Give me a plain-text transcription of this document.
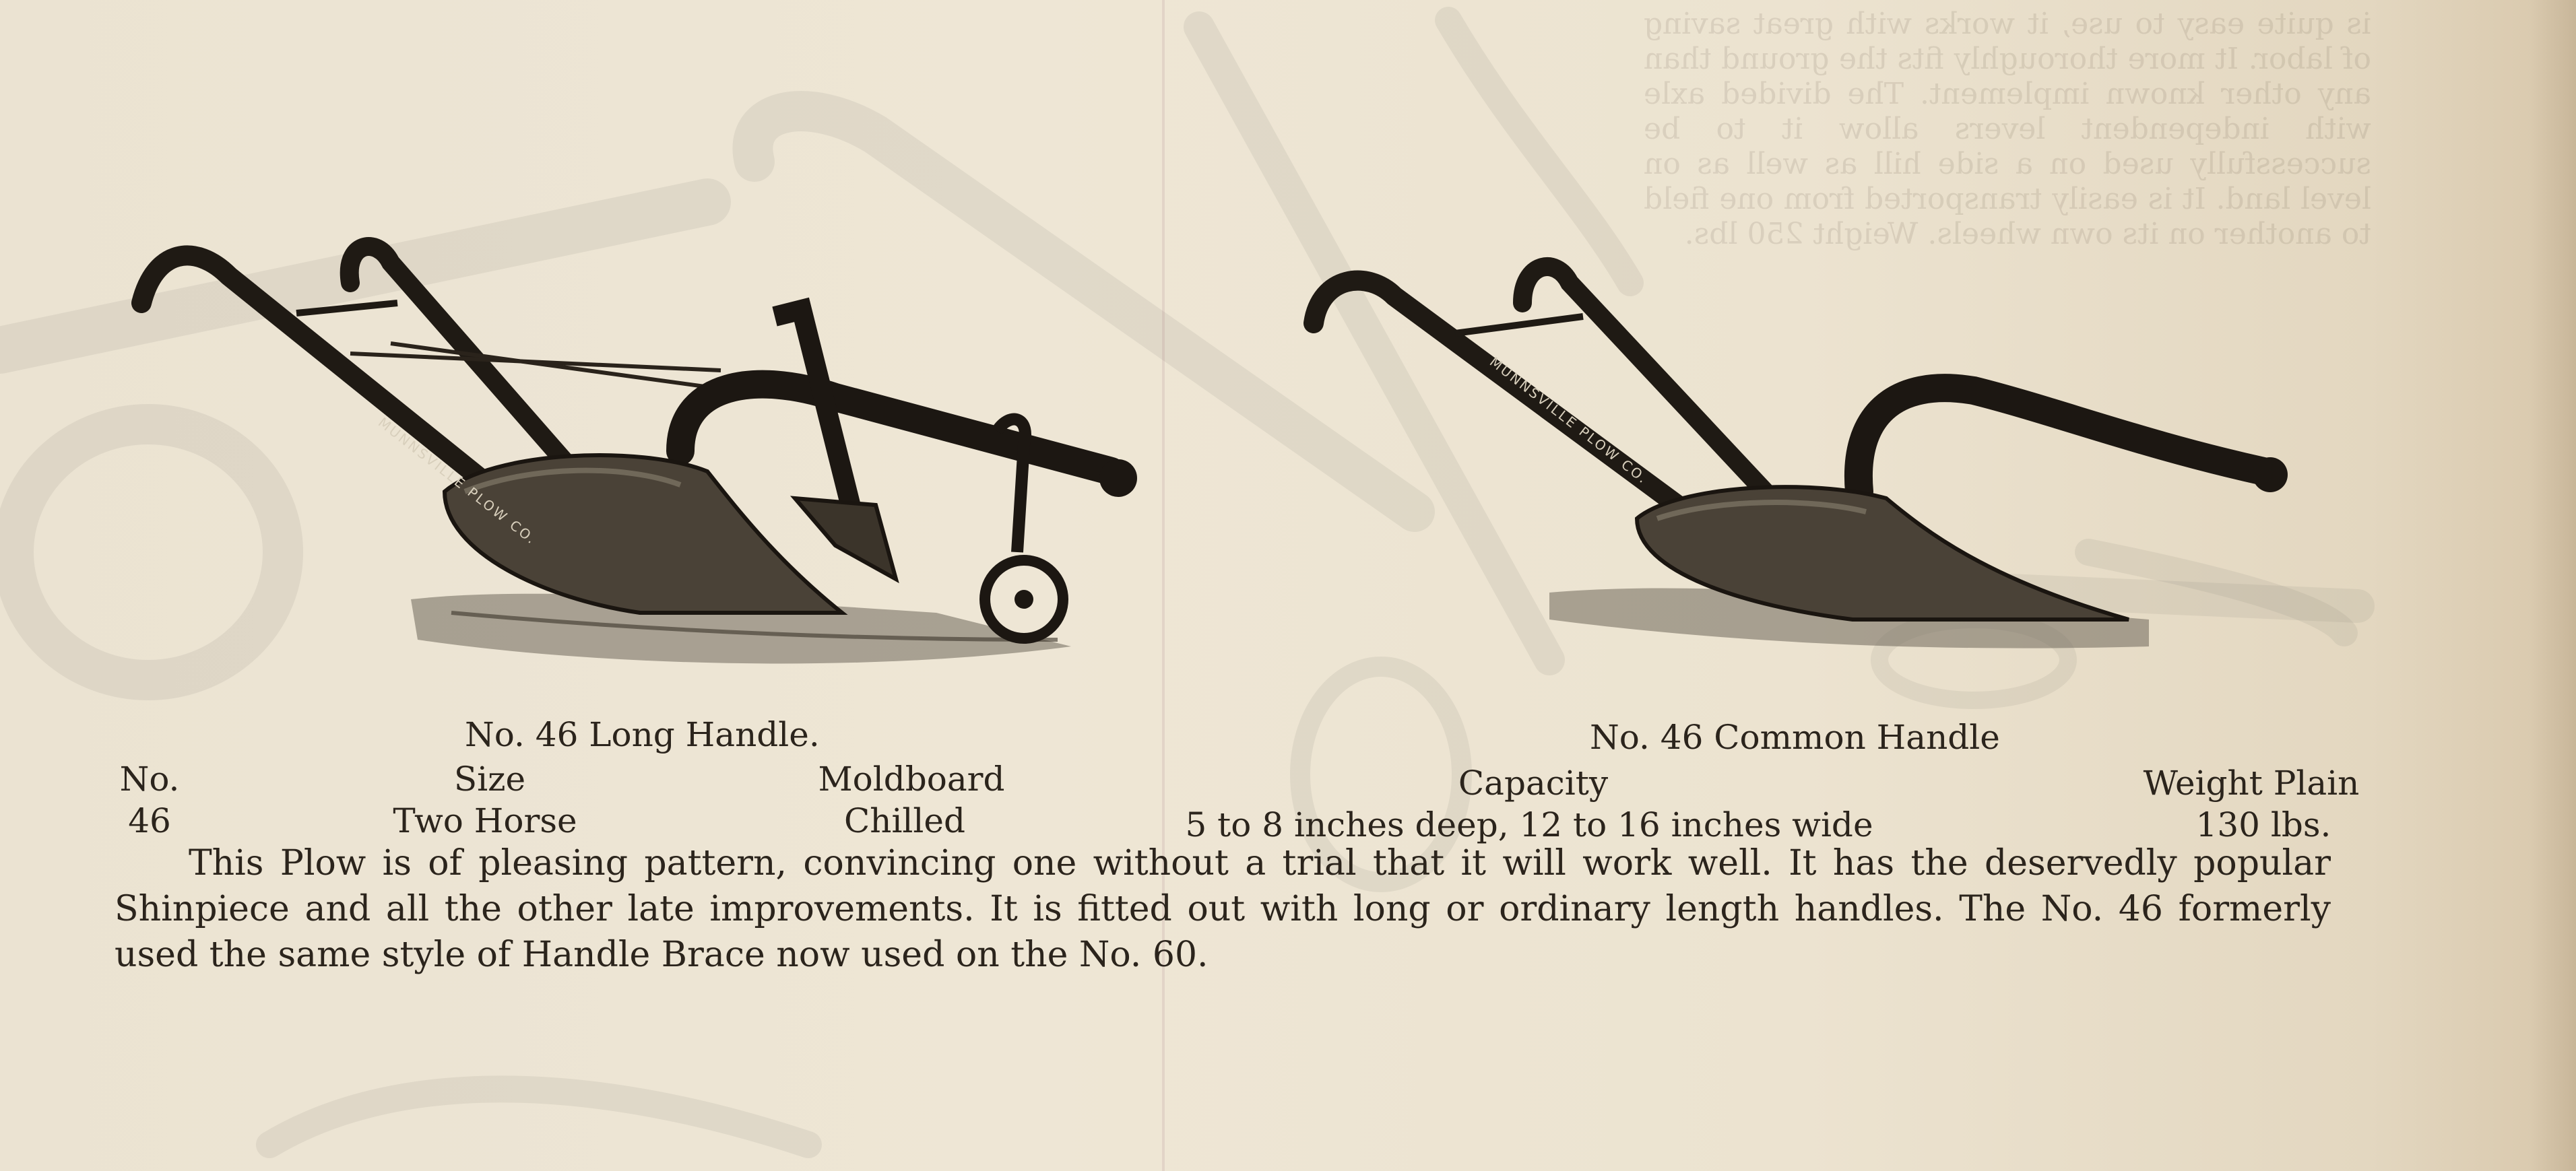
is quite easy to use, it works with great saving of labor. It more thoroughly fits the ground than any other known implement. The divided axle with independent levers allow it to be successfully used on a side hill as well as on level land. It is easily transported from one field to another on its own wheels. Weight 250 lbs.
MUNNSVILLE PLOW CO.	MUNNSVILLE PLOW CO.
No. 46 Long Handle.	No. 46 Common Handle
No.	Size	Moldboard	Capacity	Weight Plain
46	Two Horse	Chilled	5 to 8 inches deep, 12 to 16 inches wide	130 lbs.
This Plow is of pleasing pattern, convincing one without a trial that it will work well. It has the deservedly popular Shinpiece and all the other late improvements. It is fitted out with long or ordinary length handles. The No. 46 formerly used the same style of Handle Brace now used on the No. 60.
